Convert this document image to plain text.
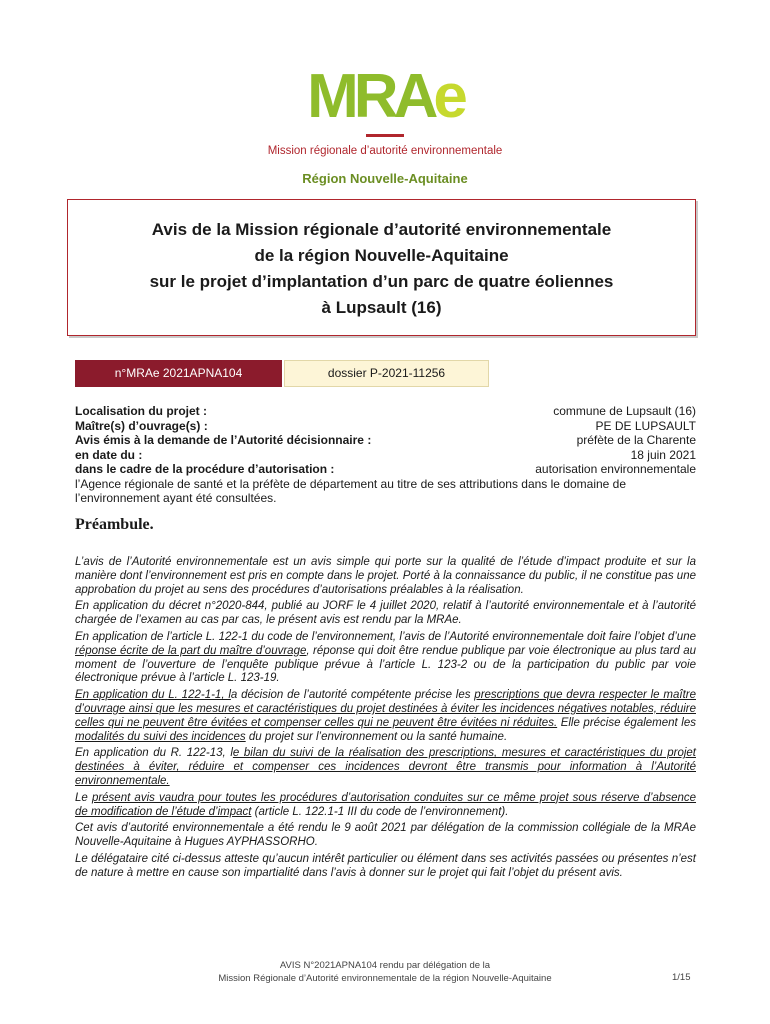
MRAe
Mission régionale d’autorité environnementale
Région Nouvelle-Aquitaine
Avis de la Mission régionale d’autorité environnementale
de la région Nouvelle-Aquitaine
sur le projet d’implantation d’un parc de quatre éoliennes
à Lupsault (16)
n°MRAe 2021APNA104	dossier P-2021-11256
Localisation du projet :	commune de Lupsault (16)
Maître(s) d’ouvrage(s) :	PE DE LUPSAULT
Avis émis à la demande de l’Autorité décisionnaire :	préfète de la Charente
en date du :	18 juin 2021
dans le cadre de la procédure d’autorisation :	autorisation environnementale
l’Agence régionale de santé et la préfète de département au titre de ses attributions dans le domaine de l’environnement ayant été consultées.
Préambule.

L’avis de l’Autorité environnementale est un avis simple qui porte sur la qualité de l’étude d’impact produite et sur la manière dont l’environnement est pris en compte dans le projet. Porté à la connaissance du public, il ne constitue pas une approbation du projet au sens des procédures d’autorisations préalables à la réalisation.

En application du décret n°2020-844, publié au JORF le 4 juillet 2020, relatif à l’autorité environnementale et à l’autorité chargée de l’examen au cas par cas, le présent avis est rendu par la MRAe.

En application de l’article L. 122-1 du code de l’environnement, l’avis de l’Autorité environnementale doit faire l’objet d’une réponse écrite de la part du maître d’ouvrage, réponse qui doit être rendue publique par voie électronique au plus tard au moment de l’ouverture de l’enquête publique prévue à l’article L. 123-2 ou de la participation du public par voie électronique prévue à l’article L. 123-19.

En application du L. 122-1-1, la décision de l’autorité compétente précise les prescriptions que devra respecter le maître d’ouvrage ainsi que les mesures et caractéristiques du projet destinées à éviter les incidences négatives notables, réduire celles qui ne peuvent être évitées et compenser celles qui ne peuvent être évitées ni réduites. Elle précise également les modalités du suivi des incidences du projet sur l’environnement ou la santé humaine.

En application du R. 122-13, le bilan du suivi de la réalisation des prescriptions, mesures et caractéristiques du projet destinées à éviter, réduire et compenser ces incidences devront être transmis pour information à l’Autorité environnementale.

Le présent avis vaudra pour toutes les procédures d’autorisation conduites sur ce même projet sous réserve d’absence de modification de l’étude d’impact (article L. 122.1-1 III du code de l’environnement).

Cet avis d’autorité environnementale a été rendu le 9 août 2021 par délégation de la commission collégiale de la MRAe Nouvelle-Aquitaine à Hugues AYPHASSORHO.

Le délégataire cité ci-dessus atteste qu’aucun intérêt particulier ou élément dans ses activités passées ou présentes n’est de nature à mettre en cause son impartialité dans l’avis à donner sur le projet qui fait l’objet du présent avis.

AVIS N°2021APNA104 rendu par délégation de la
Mission Régionale d’Autorité environnementale de la région Nouvelle-Aquitaine	1/15
